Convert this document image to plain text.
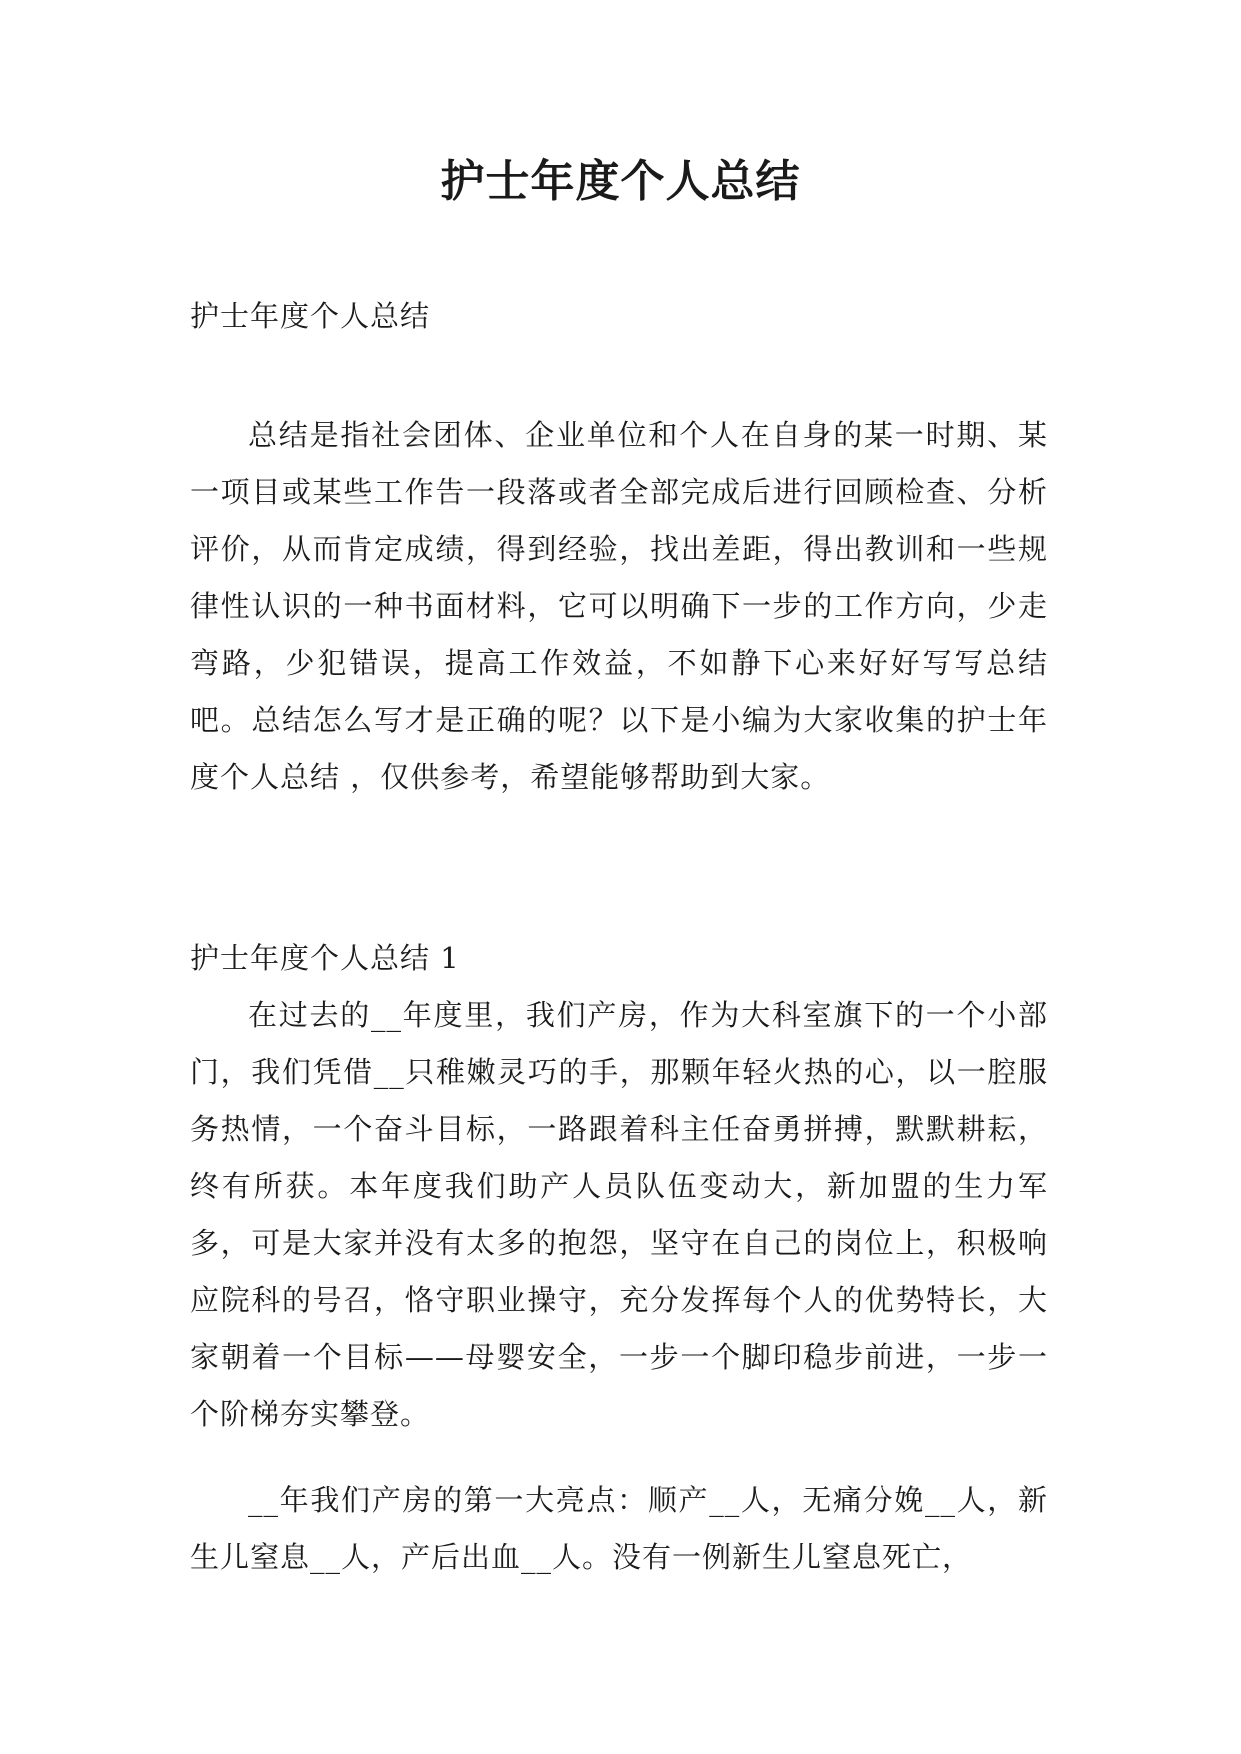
护士年度个人总结

护士年度个人总结

总结是指社会团体、企业单位和个人在自身的某一时期、某一项目或某些工作告一段落或者全部完成后进行回顾检查、分析评价，从而肯定成绩，得到经验，找出差距，得出教训和一些规律性认识的一种书面材料，它可以明确下一步的工作方向，少走弯路，少犯错误，提高工作效益，不如静下心来好好写写总结吧。总结怎么写才是正确的呢？以下是小编为大家收集的护士年度个人总结 ，仅供参考，希望能够帮助到大家。

护士年度个人总结 1

在过去的__年度里，我们产房，作为大科室旗下的一个小部门，我们凭借__只稚嫩灵巧的手，那颗年轻火热的心，以一腔服务热情，一个奋斗目标，一路跟着科主任奋勇拼搏，默默耕耘，终有所获。本年度我们助产人员队伍变动大，新加盟的生力军多，可是大家并没有太多的抱怨，坚守在自己的岗位上，积极响应院科的号召，恪守职业操守，充分发挥每个人的优势特长，大家朝着一个目标——母婴安全，一步一个脚印稳步前进，一步一个阶梯夯实攀登。

__年我们产房的第一大亮点：顺产__人，无痛分娩__人，新生儿窒息__人，产后出血__人。没有一例新生儿窒息死亡，
